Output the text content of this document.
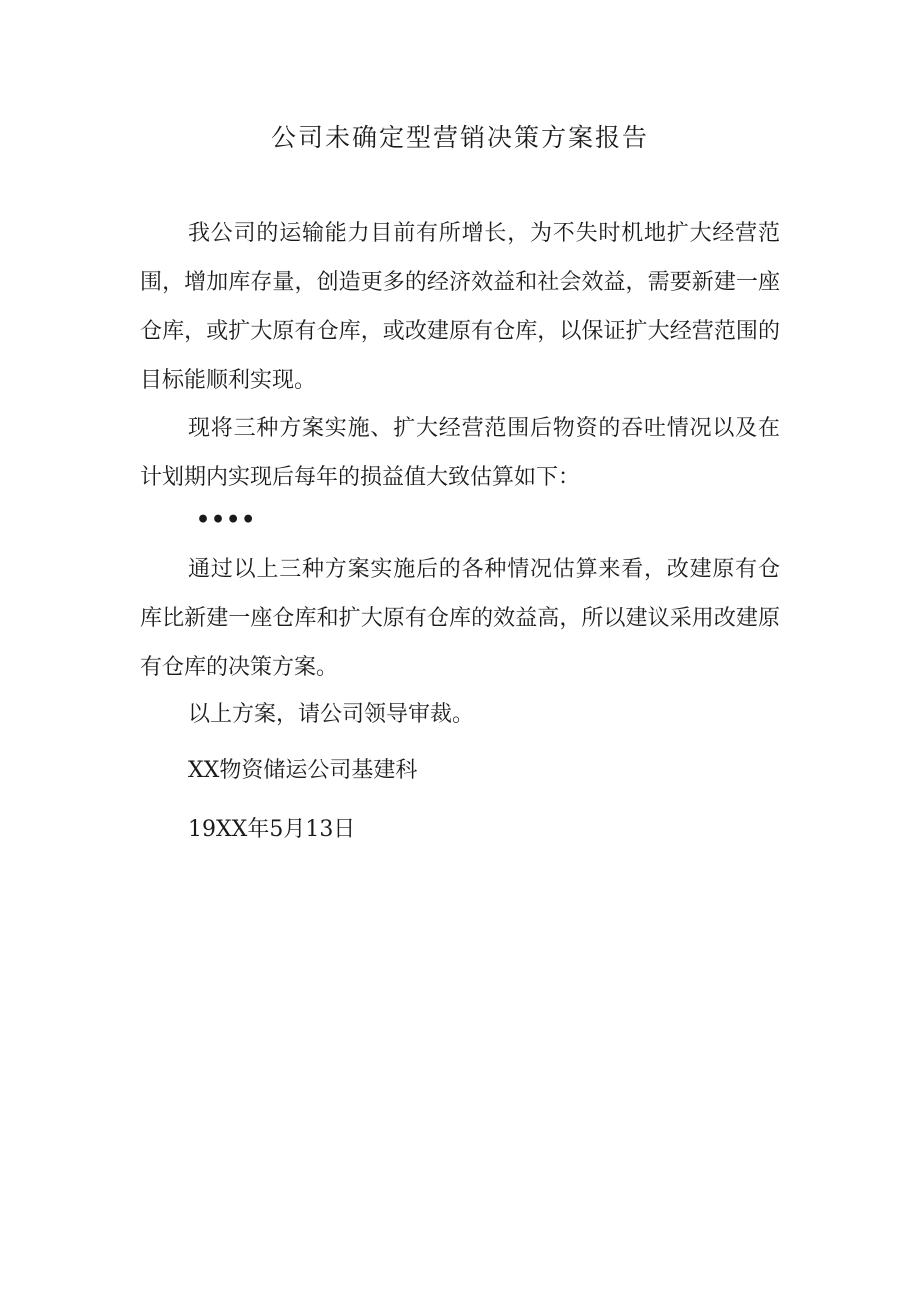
公司未确定型营销决策方案报告

我公司的运输能力目前有所增长，为不失时机地扩大经营范围，增加库存量，创造更多的经济效益和社会效益，需要新建一座仓库，或扩大原有仓库，或改建原有仓库，以保证扩大经营范围的目标能顺利实现。

现将三种方案实施、扩大经营范围后物资的吞吐情况以及在计划期内实现后每年的损益值大致估算如下：

••••

通过以上三种方案实施后的各种情况估算来看，改建原有仓库比新建一座仓库和扩大原有仓库的效益高，所以建议采用改建原有仓库的决策方案。

以上方案，请公司领导审裁。

XX物资储运公司基建科

19XX年5月13日
